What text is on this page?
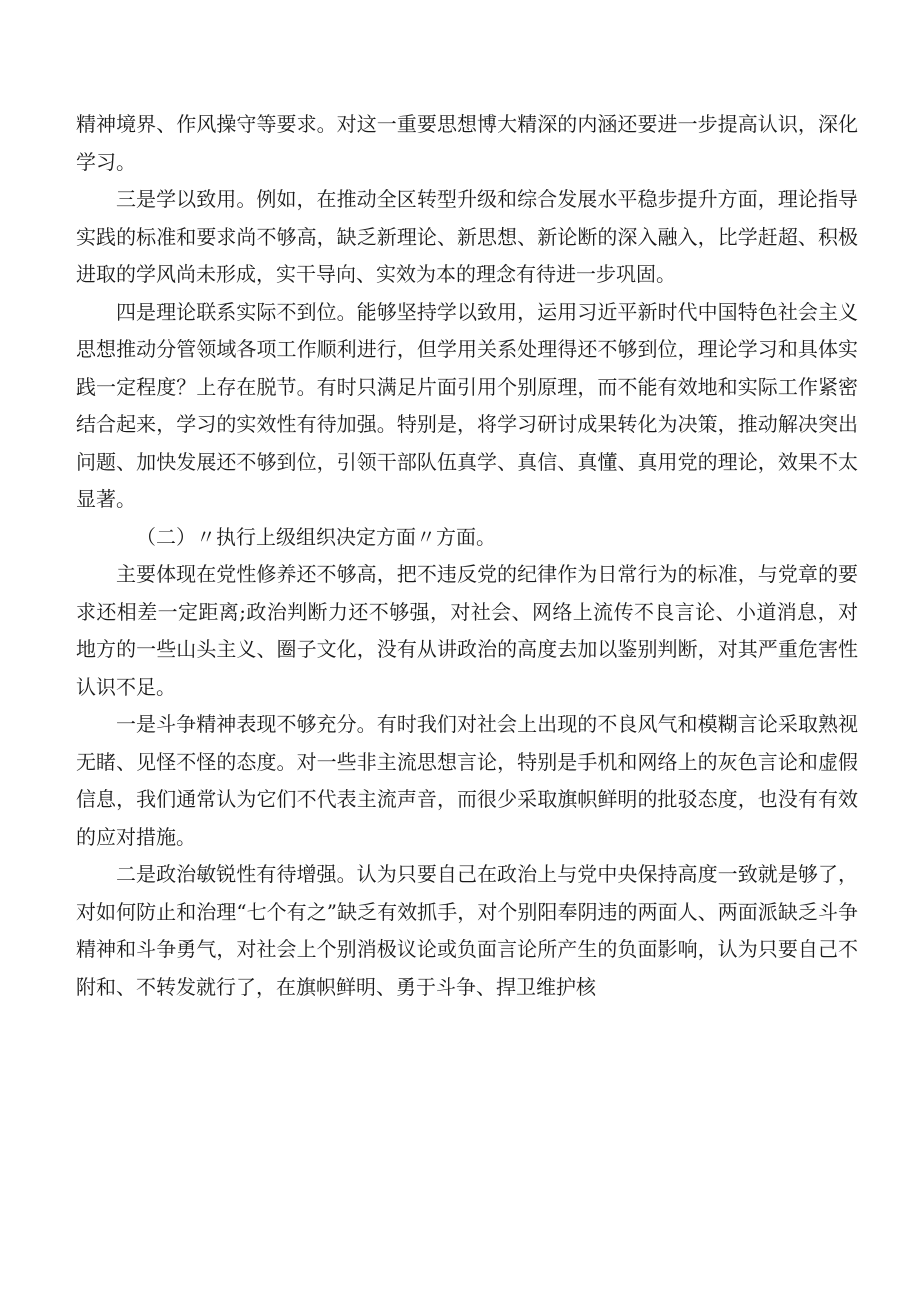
精神境界、作风操守等要求。对这一重要思想博大精深的内涵还要进一步提高认识，深化学习。

三是学以致用。例如，在推动全区转型升级和综合发展水平稳步提升方面，理论指导实践的标准和要求尚不够高，缺乏新理论、新思想、新论断的深入融入，比学赶超、积极进取的学风尚未形成，实干导向、实效为本的理念有待进一步巩固。

四是理论联系实际不到位。能够坚持学以致用，运用习近平新时代中国特色社会主义思想推动分管领域各项工作顺利进行，但学用关系处理得还不够到位，理论学习和具体实践一定程度？上存在脱节。有时只满足片面引用个别原理，而不能有效地和实际工作紧密结合起来，学习的实效性有待加强。特别是，将学习研讨成果转化为决策，推动解决突出问题、加快发展还不够到位，引领干部队伍真学、真信、真懂、真用党的理论，效果不太显著。

（二）〃执行上级组织决定方面〃方面。

主要体现在党性修养还不够高，把不违反党的纪律作为日常行为的标准，与党章的要求还相差一定距离;政治判断力还不够强，对社会、网络上流传不良言论、小道消息，对地方的一些山头主义、圈子文化，没有从讲政治的高度去加以鉴别判断，对其严重危害性认识不足。

一是斗争精神表现不够充分。有时我们对社会上出现的不良风气和模糊言论采取熟视无睹、见怪不怪的态度。对一些非主流思想言论，特别是手机和网络上的灰色言论和虚假信息，我们通常认为它们不代表主流声音，而很少采取旗帜鲜明的批驳态度，也没有有效的应对措施。

二是政治敏锐性有待增强。认为只要自己在政治上与党中央保持高度一致就是够了，对如何防止和治理“七个有之”缺乏有效抓手，对个别阳奉阴违的两面人、两面派缺乏斗争精神和斗争勇气，对社会上个别消极议论或负面言论所产生的负面影响，认为只要自己不附和、不转发就行了，在旗帜鲜明、勇于斗争、捍卫维护核
